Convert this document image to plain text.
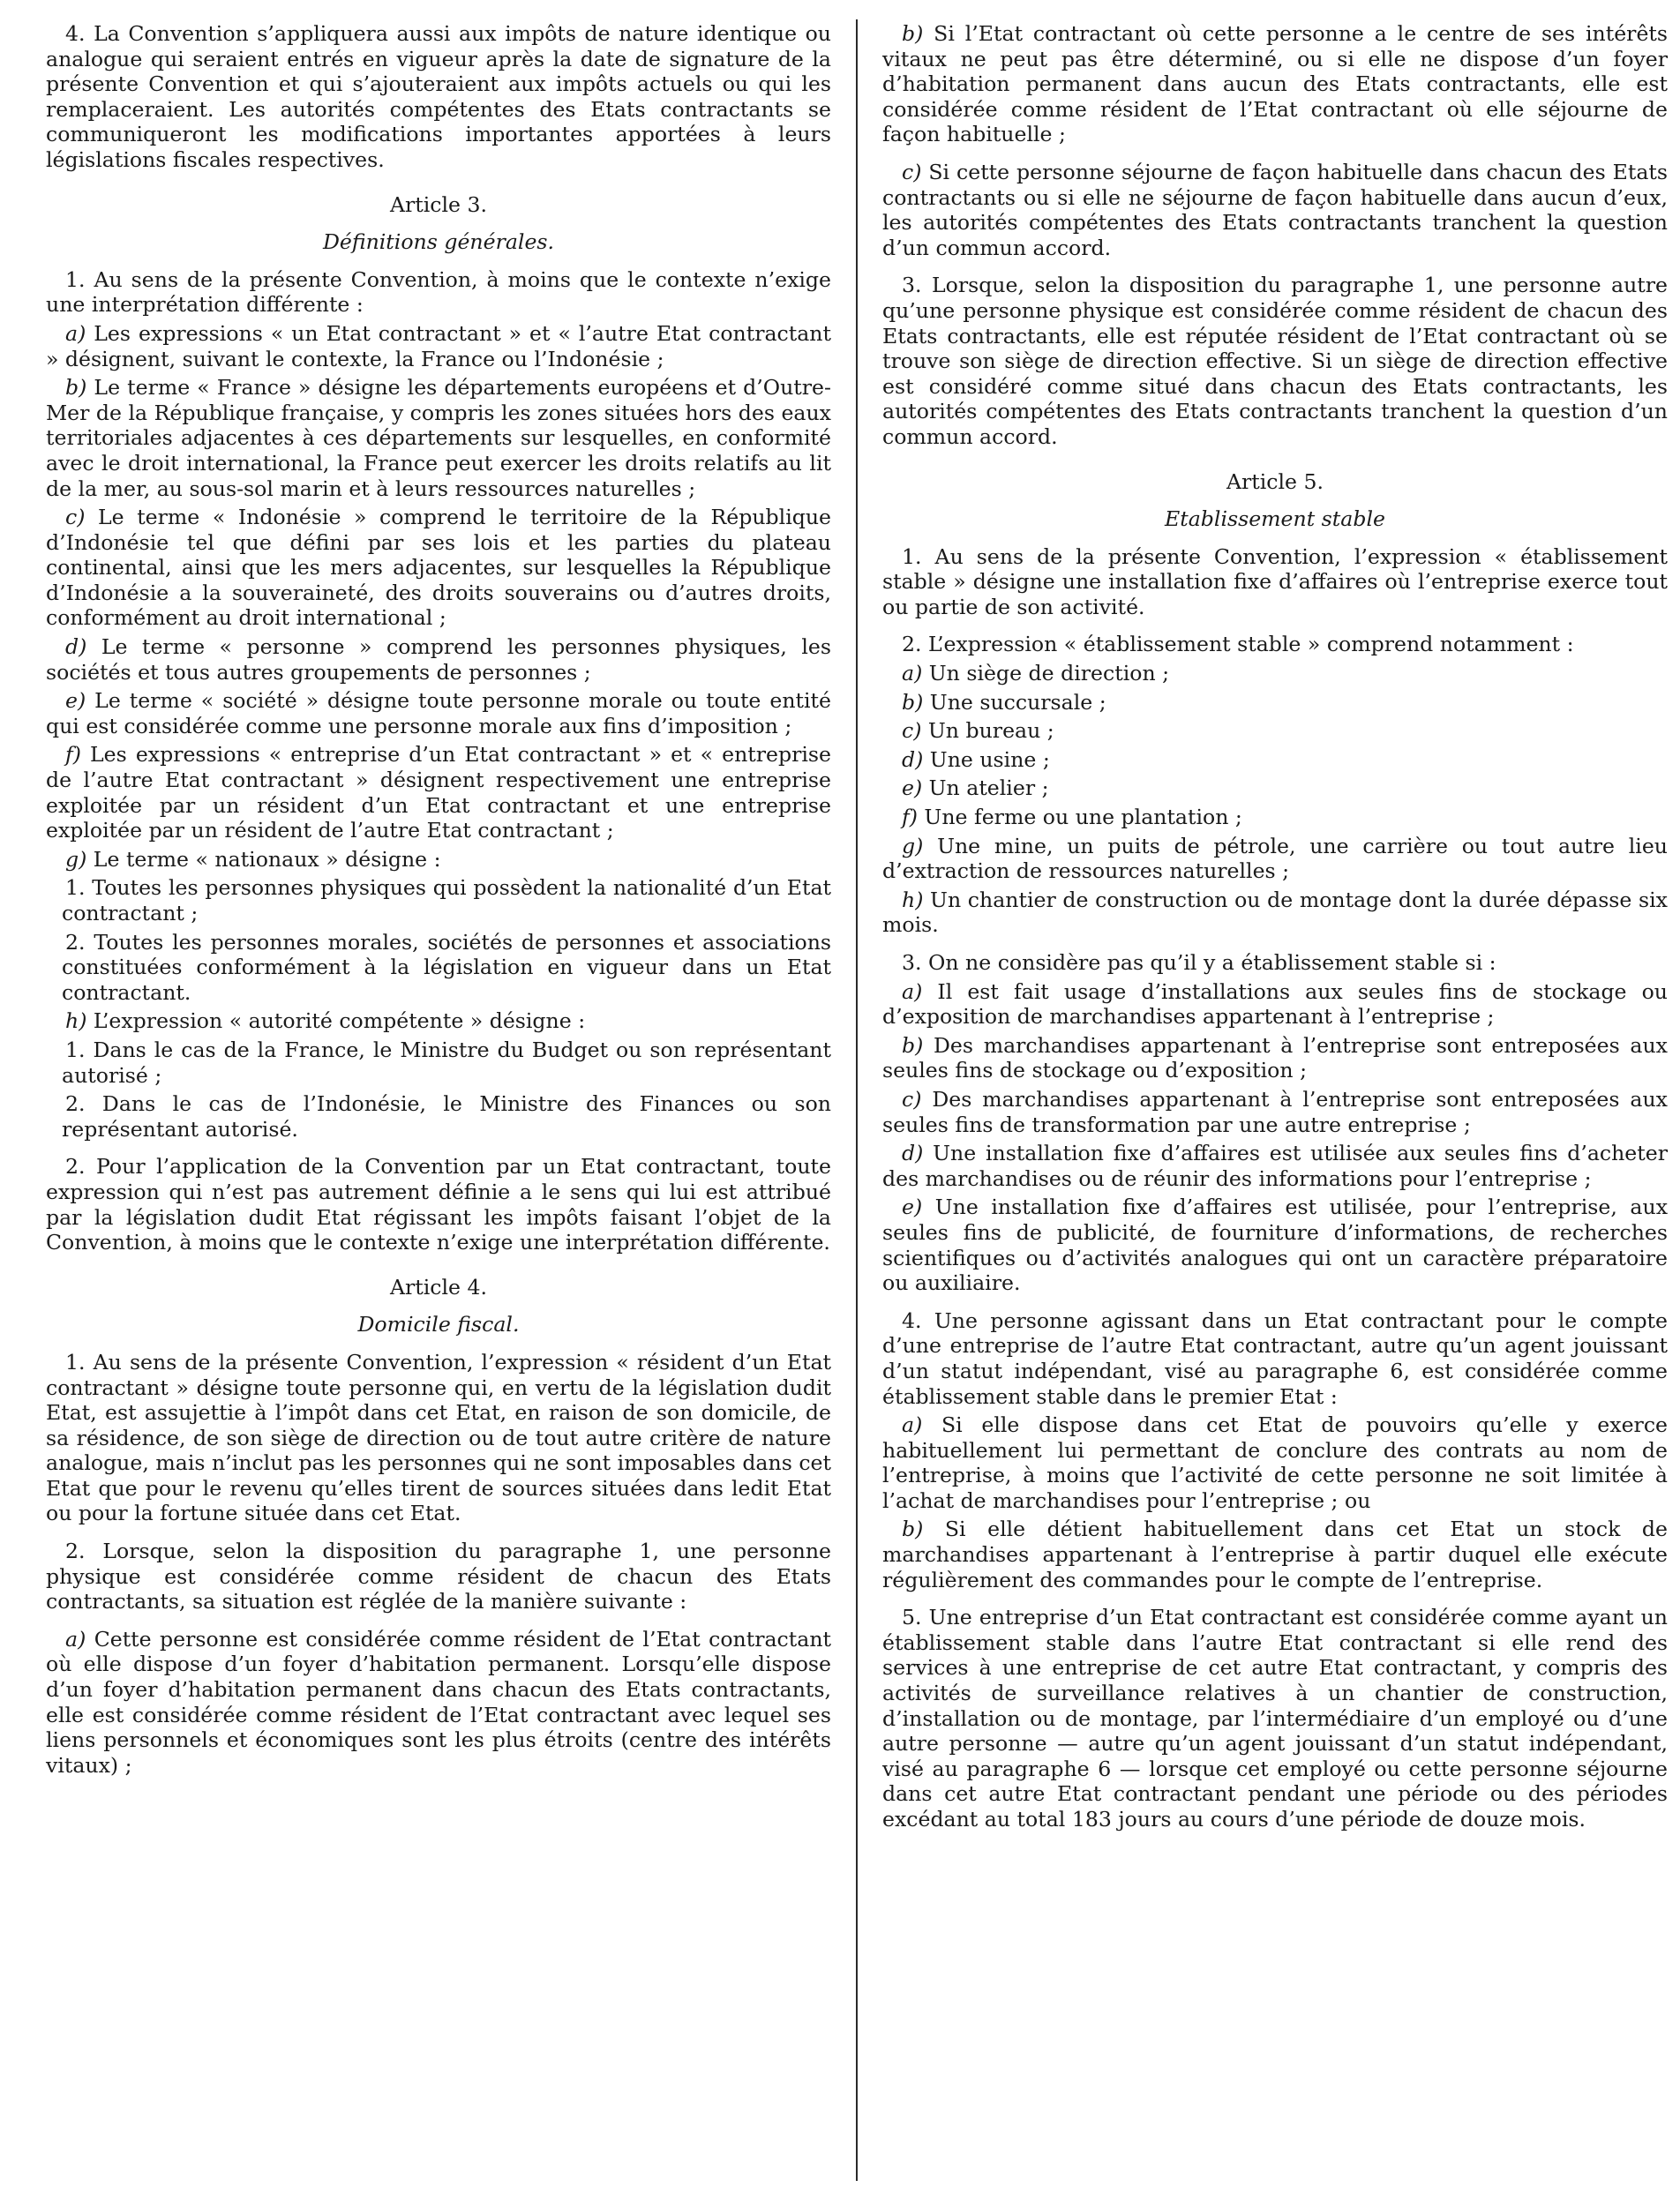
4. La Convention s’appliquera aussi aux impôts de nature identique ou analogue qui seraient entrés en vigueur après la date de signature de la présente Convention et qui s’ajouteraient aux impôts actuels ou qui les remplaceraient. Les autorités compétentes des Etats contractants se communiqueront les modifications importantes apportées à leurs législations fiscales respectives.

Article 3.

Définitions générales.

1. Au sens de la présente Convention, à moins que le contexte n’exige une interprétation différente :

a) Les expressions « un Etat contractant » et « l’autre Etat contractant » désignent, suivant le contexte, la France ou l’Indonésie ;

b) Le terme « France » désigne les départements européens et d’Outre-Mer de la République française, y compris les zones situées hors des eaux territoriales adjacentes à ces départements sur lesquelles, en conformité avec le droit international, la France peut exercer les droits relatifs au lit de la mer, au sous-sol marin et à leurs ressources naturelles ;

c) Le terme « Indonésie » comprend le territoire de la République d’Indonésie tel que défini par ses lois et les parties du plateau continental, ainsi que les mers adjacentes, sur lesquelles la République d’Indonésie a la souveraineté, des droits souverains ou d’autres droits, conformément au droit international ;

d) Le terme « personne » comprend les personnes physiques, les sociétés et tous autres groupements de personnes ;

e) Le terme « société » désigne toute personne morale ou toute entité qui est considérée comme une personne morale aux fins d’imposition ;

f) Les expressions « entreprise d’un Etat contractant » et « entreprise de l’autre Etat contractant » désignent respectivement une entreprise exploitée par un résident d’un Etat contractant et une entreprise exploitée par un résident de l’autre Etat contractant ;

g) Le terme « nationaux » désigne :

1. Toutes les personnes physiques qui possèdent la nationalité d’un Etat contractant ;

2. Toutes les personnes morales, sociétés de personnes et associations constituées conformément à la législation en vigueur dans un Etat contractant.

h) L’expression « autorité compétente » désigne :

1. Dans le cas de la France, le Ministre du Budget ou son représentant autorisé ;

2. Dans le cas de l’Indonésie, le Ministre des Finances ou son représentant autorisé.

2. Pour l’application de la Convention par un Etat contractant, toute expression qui n’est pas autrement définie a le sens qui lui est attribué par la législation dudit Etat régissant les impôts faisant l’objet de la Convention, à moins que le contexte n’exige une interprétation différente.

Article 4.

Domicile fiscal.

1. Au sens de la présente Convention, l’expression « résident d’un Etat contractant » désigne toute personne qui, en vertu de la législation dudit Etat, est assujettie à l’impôt dans cet Etat, en raison de son domicile, de sa résidence, de son siège de direction ou de tout autre critère de nature analogue, mais n’inclut pas les personnes qui ne sont imposables dans cet Etat que pour le revenu qu’elles tirent de sources situées dans ledit Etat ou pour la fortune située dans cet Etat.

2. Lorsque, selon la disposition du paragraphe 1, une personne physique est considérée comme résident de chacun des Etats contractants, sa situation est réglée de la manière suivante :

a) Cette personne est considérée comme résident de l’Etat contractant où elle dispose d’un foyer d’habitation permanent. Lorsqu’elle dispose d’un foyer d’habitation permanent dans chacun des Etats contractants, elle est considérée comme résident de l’Etat contractant avec lequel ses liens personnels et économiques sont les plus étroits (centre des intérêts vitaux) ;

b) Si l’Etat contractant où cette personne a le centre de ses intérêts vitaux ne peut pas être déterminé, ou si elle ne dispose d’un foyer d’habitation permanent dans aucun des Etats contractants, elle est considérée comme résident de l’Etat contractant où elle séjourne de façon habituelle ;

c) Si cette personne séjourne de façon habituelle dans chacun des Etats contractants ou si elle ne séjourne de façon habituelle dans aucun d’eux, les autorités compétentes des Etats contractants tranchent la question d’un commun accord.

3. Lorsque, selon la disposition du paragraphe 1, une personne autre qu’une personne physique est considérée comme résident de chacun des Etats contractants, elle est réputée résident de l’Etat contractant où se trouve son siège de direction effective. Si un siège de direction effective est considéré comme situé dans chacun des Etats contractants, les autorités compétentes des Etats contractants tranchent la question d’un commun accord.

Article 5.

Etablissement stable

1. Au sens de la présente Convention, l’expression « établissement stable » désigne une installation fixe d’affaires où l’entreprise exerce tout ou partie de son activité.

2. L’expression « établissement stable » comprend notamment :

a) Un siège de direction ;

b) Une succursale ;

c) Un bureau ;

d) Une usine ;

e) Un atelier ;

f) Une ferme ou une plantation ;

g) Une mine, un puits de pétrole, une carrière ou tout autre lieu d’extraction de ressources naturelles ;

h) Un chantier de construction ou de montage dont la durée dépasse six mois.

3. On ne considère pas qu’il y a établissement stable si :

a) Il est fait usage d’installations aux seules fins de stockage ou d’exposition de marchandises appartenant à l’entreprise ;

b) Des marchandises appartenant à l’entreprise sont entreposées aux seules fins de stockage ou d’exposition ;

c) Des marchandises appartenant à l’entreprise sont entreposées aux seules fins de transformation par une autre entreprise ;

d) Une installation fixe d’affaires est utilisée aux seules fins d’acheter des marchandises ou de réunir des informations pour l’entreprise ;

e) Une installation fixe d’affaires est utilisée, pour l’entreprise, aux seules fins de publicité, de fourniture d’informations, de recherches scientifiques ou d’activités analogues qui ont un caractère préparatoire ou auxiliaire.

4. Une personne agissant dans un Etat contractant pour le compte d’une entreprise de l’autre Etat contractant, autre qu’un agent jouissant d’un statut indépendant, visé au paragraphe 6, est considérée comme établissement stable dans le premier Etat :

a) Si elle dispose dans cet Etat de pouvoirs qu’elle y exerce habituellement lui permettant de conclure des contrats au nom de l’entreprise, à moins que l’activité de cette personne ne soit limitée à l’achat de marchandises pour l’entreprise ; ou

b) Si elle détient habituellement dans cet Etat un stock de marchandises appartenant à l’entreprise à partir duquel elle exécute régulièrement des commandes pour le compte de l’entreprise.

5. Une entreprise d’un Etat contractant est considérée comme ayant un établissement stable dans l’autre Etat contractant si elle rend des services à une entreprise de cet autre Etat contractant, y compris des activités de surveillance relatives à un chantier de construction, d’installation ou de montage, par l’intermédiaire d’un employé ou d’une autre personne — autre qu’un agent jouissant d’un statut indépendant, visé au paragraphe 6 — lorsque cet employé ou cette personne séjourne dans cet autre Etat contractant pendant une période ou des périodes excédant au total 183 jours au cours d’une période de douze mois.
